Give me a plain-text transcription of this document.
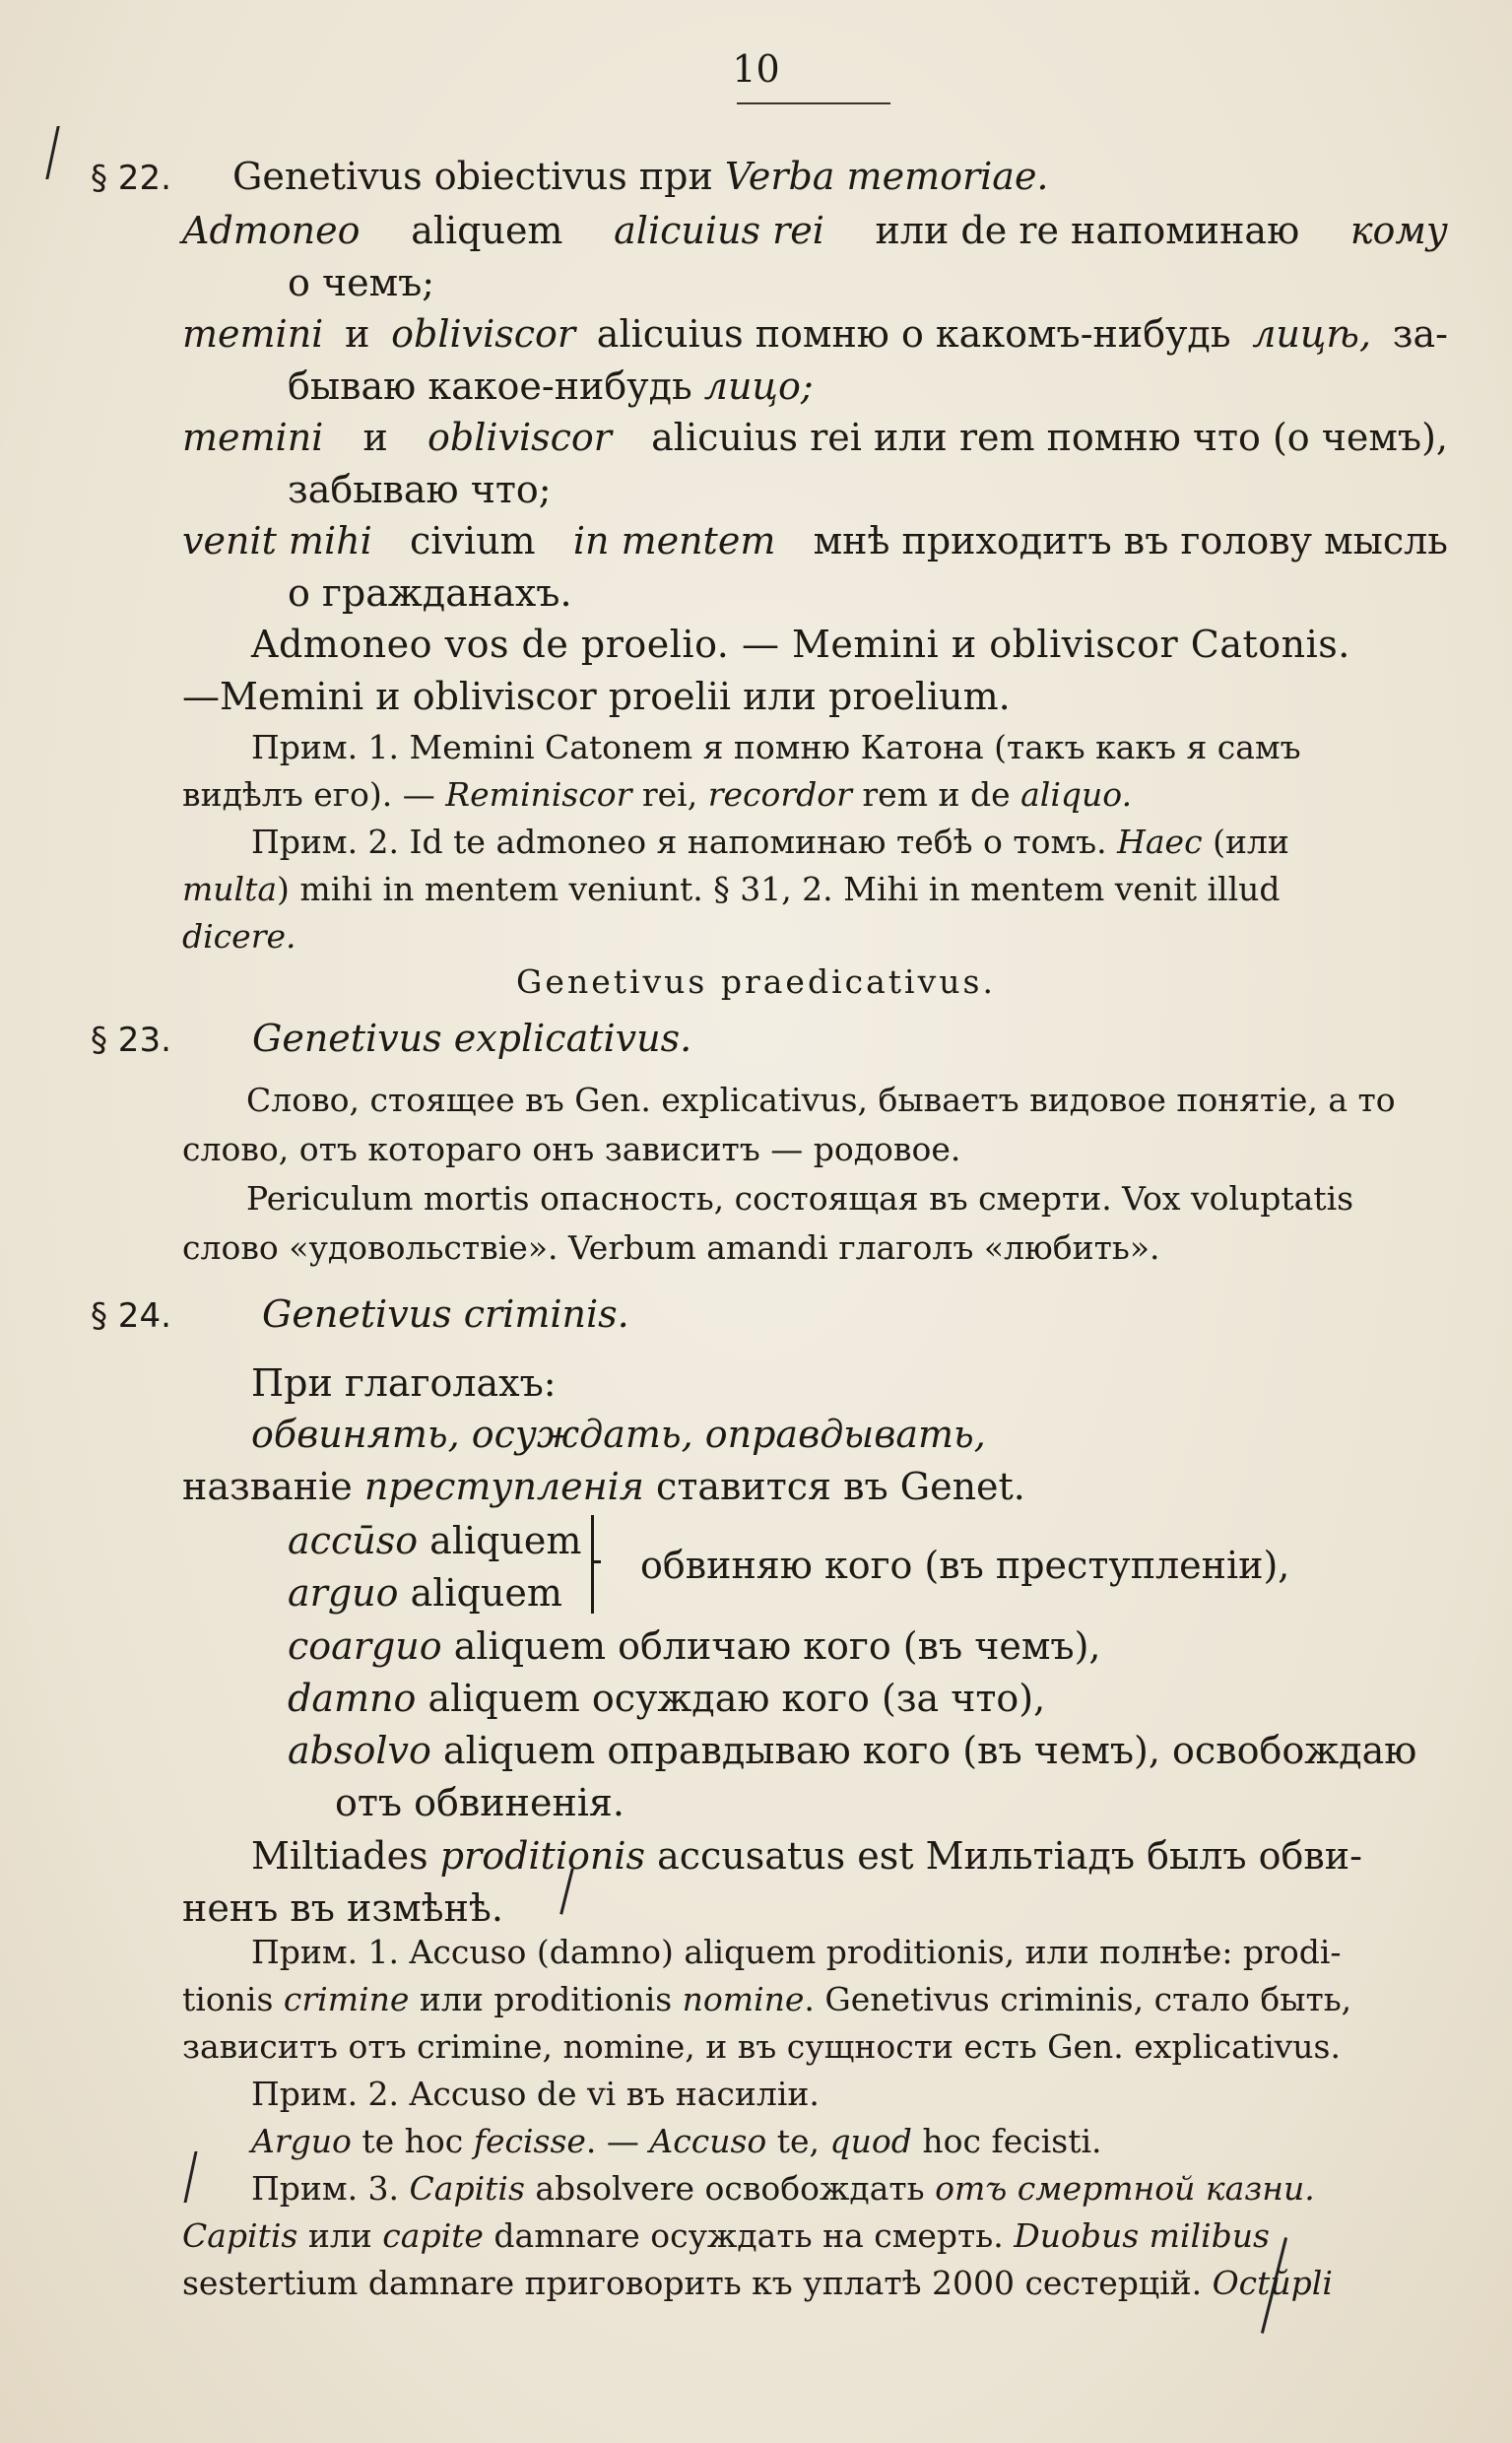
10
§ 22. Genetivus obiectivus при Verba memoriae.
Admoneo aliquem alicuius rei или de re напоминаю кому
о чемъ;
memini и obliviscor alicuius помню о какомъ-нибудь лицѣ, за-
бываю какое-нибудь лицо;
memini и obliviscor alicuius rei или rem помню что (о чемъ),
забываю что;
venit mihi civium in mentem мнѣ приходитъ въ голову мысль
о гражданахъ.
Admoneo vos de proelio. — Memini и obliviscor Catonis.
—Memini и obliviscor proelii или proelium.
Прим. 1. Memini Catonem я помню Катона (такъ какъ я самъ
видѣлъ его). — Reminiscor rei, recordor rem и de aliquo.
Прим. 2. Id te admoneo я напоминаю тебѣ о томъ. Haec (или
multa) mihi in mentem veniunt. § 31, 2. Mihi in mentem venit illud
dicere.
Genetivus praedicativus.
§ 23. Genetivus explicativus.
Слово, стоящее въ Gen. explicativus, бываетъ видовое понятіе, а то
слово, отъ котораго онъ зависитъ — родовое.
Periculum mortis опасность, состоящая въ смерти. Vox voluptatis
слово «удовольствіе». Verbum amandi глаголъ «любить».
§ 24. Genetivus criminis.
При глаголахъ:
обвинять, осуждать, оправдывать,
названіе преступленія ставится въ Genet.
accūso aliquem
arguo aliquem
обвиняю кого (въ преступленіи),
coarguo aliquem обличаю кого (въ чемъ),
damno aliquem осуждаю кого (за что),
absolvo aliquem оправдываю кого (въ чемъ), освобождаю
отъ обвиненія.
Miltiades proditionis accusatus est Мильтіадъ былъ обви-
ненъ въ измѣнѣ.
Прим. 1. Accuso (damno) aliquem proditionis, или полнѣе: prodi-
tionis crimine или proditionis nomine. Genetivus criminis, стало быть,
зависитъ отъ crimine, nomine, и въ сущности есть Gen. explicativus.
Прим. 2. Accuso de vi въ насиліи.
Arguo te hoc fecisse. — Accuso te, quod hoc fecisti.
Прим. 3. Capitis absolvere освобождать отъ смертной казни.
Capitis или capite damnare осуждать на смерть. Duobus milibus
sestertium damnare приговорить къ уплатѣ 2000 сестерцій. Octŭpli
